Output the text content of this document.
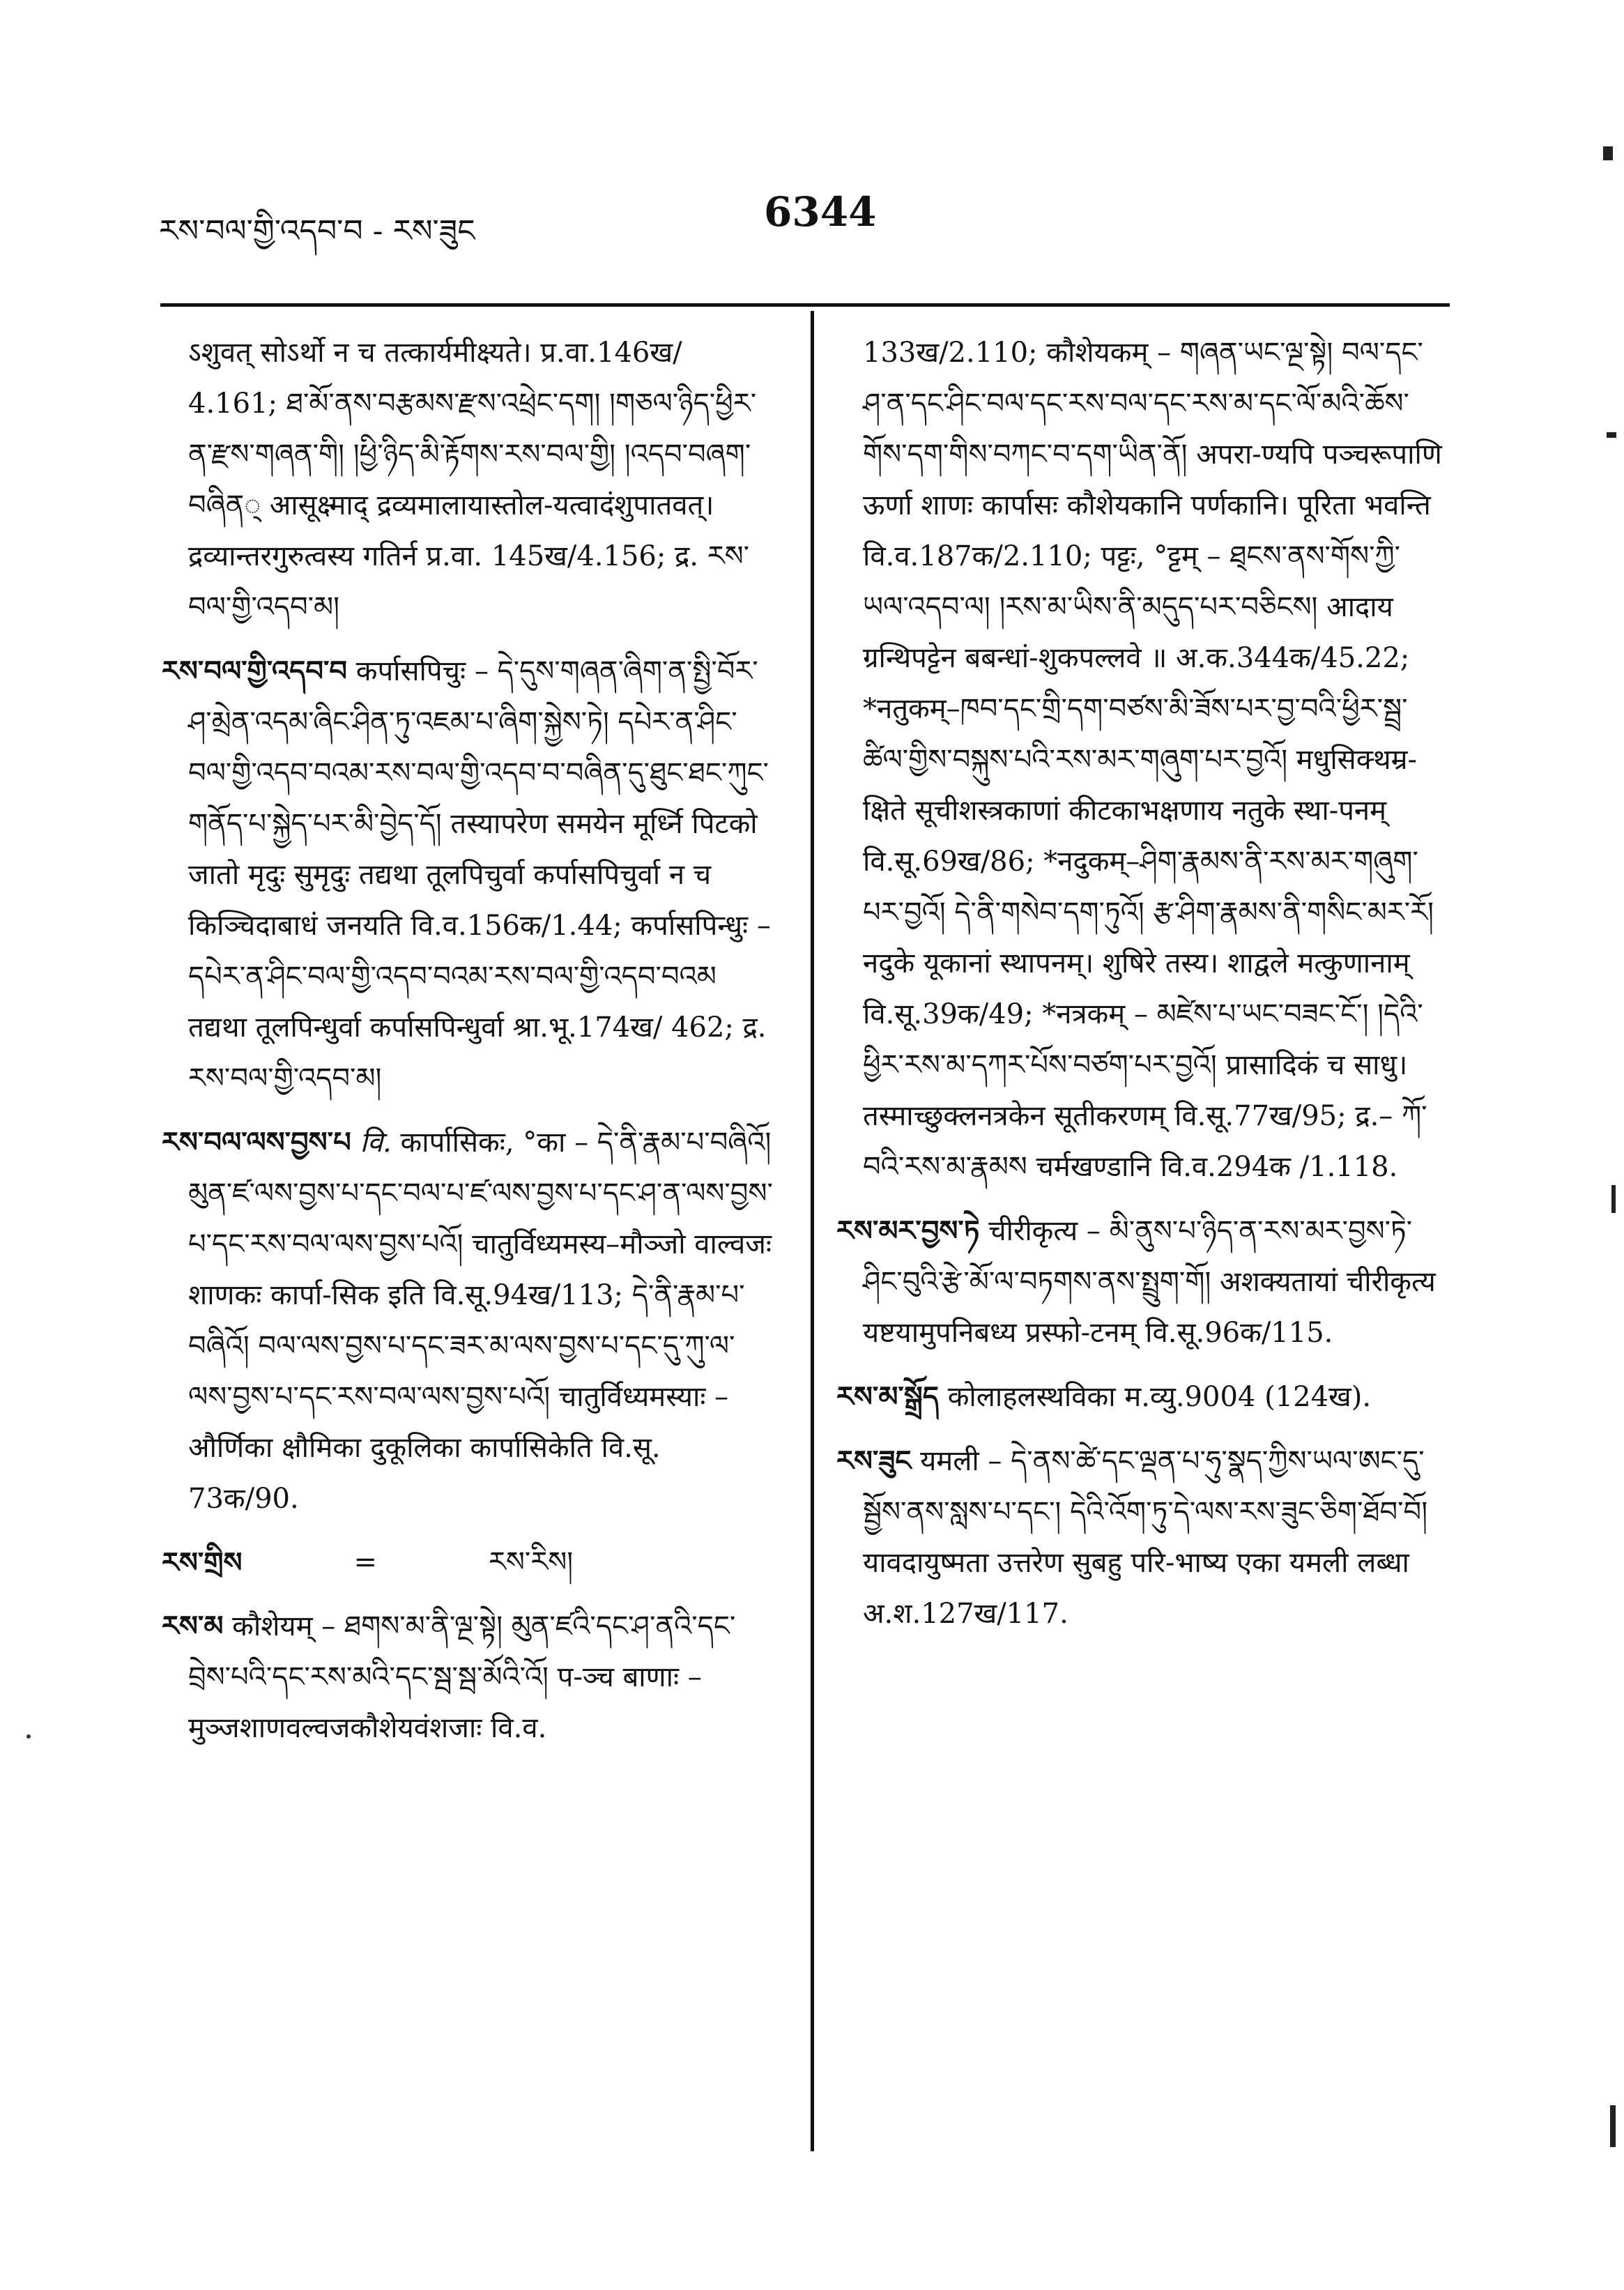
རས་བལ་གྱི་འདབ་བ - རས་ཟུང	6344

ऽशुवत् सोऽर्थो न च तत्कार्यमीक्ष्यते। प्र.वा.146ख/ 4.161; ཐ་མོ་ནས་བརྩམས་རྫས་འཕྲེང་དག། །གཅལ་ཉིད་ཕྱིར་ན་རྫས་གཞན་གི། །ཕྱི་ཉིད་མི་རྟོགས་རས་བལ་གྱི། །འདབ་བཞག་བཞིན् आसूक्ष्माद् द्रव्यमालायास्तोल-यत्वादंशुपातवत्। द्रव्यान्तरगुरुत्वस्य गतिर्न प्र.वा. 145ख/4.156; द्र. རས་བལ་གྱི་འདབ་མ།

རས་བལ་གྱི་འདབ་བ कर्पासपिचुः – དེ་དུས་གཞན་ཞིག་ན་སྤྱི་བོར་ཤ་མྲེན་འདམ་ཞིང་ཤིན་ཏུ་འཇམ་པ་ཞིག་སྐྱེས་ཏེ། དཔེར་ན་ཤིང་བལ་གྱི་འདབ་བའམ་རས་བལ་གྱི་འདབ་བ་བཞིན་དུ་ཐུང་ཐང་ཀུང་གནོད་པ་སྐྱེད་པར་མི་བྱེད་དོ། तस्यापरेण समयेन मूर्ध्नि पिटको जातो मृदुः सुमृदुः तद्यथा तूलपिचुर्वा कर्पासपिचुर्वा न च किञ्चिदाबाधं जनयति वि.व.156क/1.44; कर्पासपिन्धुः – དཔེར་ན་ཤིང་བལ་གྱི་འདབ་བའམ་རས་བལ་གྱི་འདབ་བའམ तद्यथा तूलपिन्धुर्वा कर्पासपिन्धुर्वा श्रा.भू.174ख/ 462; द्र. རས་བལ་གྱི་འདབ་མ།

རས་བལ་ལས་བྱས་པ वि. कार्पासिकः, °का – དེ་ནི་རྣམ་པ་བཞིའོ། མུན་ཛ་ལས་བྱས་པ་དང་བལ་པ་ཛ་ལས་བྱས་པ་དང་ཤ་ན་ལས་བྱས་པ་དང་རས་བལ་ལས་བྱས་པའོ། चातुर्विध्यमस्य–मौञ्जो वाल्वजः शाणकः कार्पा-सिक इति वि.सू.94ख/113; དེ་ནི་རྣམ་པ་བཞིའོ། བལ་ལས་བྱས་པ་དང་ཟར་མ་ལས་བྱས་པ་དང་དུ་ཀུ་ལ་ལས་བྱས་པ་དང་རས་བལ་ལས་བྱས་པའོ། चातुर्विध्यमस्याः –और्णिका क्षौमिका दुकूलिका कार्पासिकेति वि.सू. 73क/90.

རས་གྲིས	=	རས་རིས།

རས་མ कौशेयम् – ཐགས་མ་ནི་ལྔ་སྟེ། མུན་ཛའི་དང་ཤ་ནའི་དང་བྲེས་པའི་དང་རས་མའི་དང་སྦ་སྦ་མོའི་འོ། प-ञ्च बाणाः – मुञ्जशाणवल्वजकौशेयवंशजाः वि.व.

133ख/2.110; कौशेयकम् – གཞན་ཡང་ལྔ་སྟེ། བལ་དང་ཤ་ན་དང་ཤིང་བལ་དང་རས་བལ་དང་རས་མ་དང་ལོ་མའི་ཆོས་གོས་དག་གིས་བཀང་བ་དག་ཡིན་ནོ། अपरा-ण्यपि पञ्चरूपाणि ऊर्णा शाणः कार्पासः कौशेयकानि पर्णकानि। पूरिता भवन्ति वि.व.187क/2.110; पट्टः, °ट्टम् – ཐ྄ངས་ནས་གོས་ཀྱི་ཡལ་འདབ་ལ། །རས་མ་ཡིས་ནི་མདུད་པར་བཅིངས། आदाय ग्रन्थिपट्टेन बबन्धां-शुकपल्लवे ॥ अ.क.344क/45.22; *नतुकम्–ཁབ་དང་གྲི་དག་བཙས་མི་ཟོས་པར་བྱ་བའི་ཕྱིར་སྦྲ་ཚིལ་གྱིས་བསྐུས་པའི་རས་མར་གཞུག་པར་བྱའོ། मधुसिक्थम्र-क्षिते सूचीशस्त्रकाणां कीटकाभक्षणाय नतुके स्था-पनम् वि.सू.69ख/86; *नदुकम्–ཤིག་རྣམས་ནི་རས་མར་གཞུག་པར་བྱའོ། དེ་ནི་གསེབ་དག་ཏུའོ། རྩ་ཤིག་རྣམས་ནི་གསིང་མར་རོ། नदुके यूकानां स्थापनम्। शुषिरे तस्य। शाद्वले मत्कुणानाम् वि.सू.39क/49; *नत्रकम् – མཛེས་པ་ཡང་བཟང་ངོ་། །དེའི་ཕྱིར་རས་མ་དཀར་པོས་བཙག་པར་བྱའོ། प्रासादिकं च साधु। तस्माच्छुक्लनत्रकेन सूतीकरणम् वि.सू.77ख/95; द्र.– ཀོ་བའི་རས་མ་རྣམས चर्मखण्डानि वि.व.294क /1.118.

རས་མར་བྱས་ཏེ चीरीकृत्य – མི་ནུས་པ་ཉིད་ན་རས་མར་བྱས་ཏེ་ཤིང་བུའི་རྩེ་མོ་ལ་བཏགས་ནས་སྤྲུག་གོ། अशक्यतायां चीरीकृत्य यष्टयामुपनिबध्य प्रस्फो-टनम् वि.सू.96क/115.

རས་མ་སྒྲོད कोलाहलस्थविका म.व्यु.9004 (124ख).

རས་ཟུང यमली – དེ་ནས་ཚེ་དང་ལྡན་པ་ཧུ་སྣད་ཀྱིས་ཡལ་ཨང་དུ་སྦྱོས་ནས་སླས་པ་དང་། དེའི་འོག་ཏུ་དེ་ལས་རས་ཟུང་ཅིག་ཐོབ་བོ། यावदायुष्मता उत्तरेण सुबहु परि-भाष्य एका यमली लब्धा अ.श.127ख/117.
